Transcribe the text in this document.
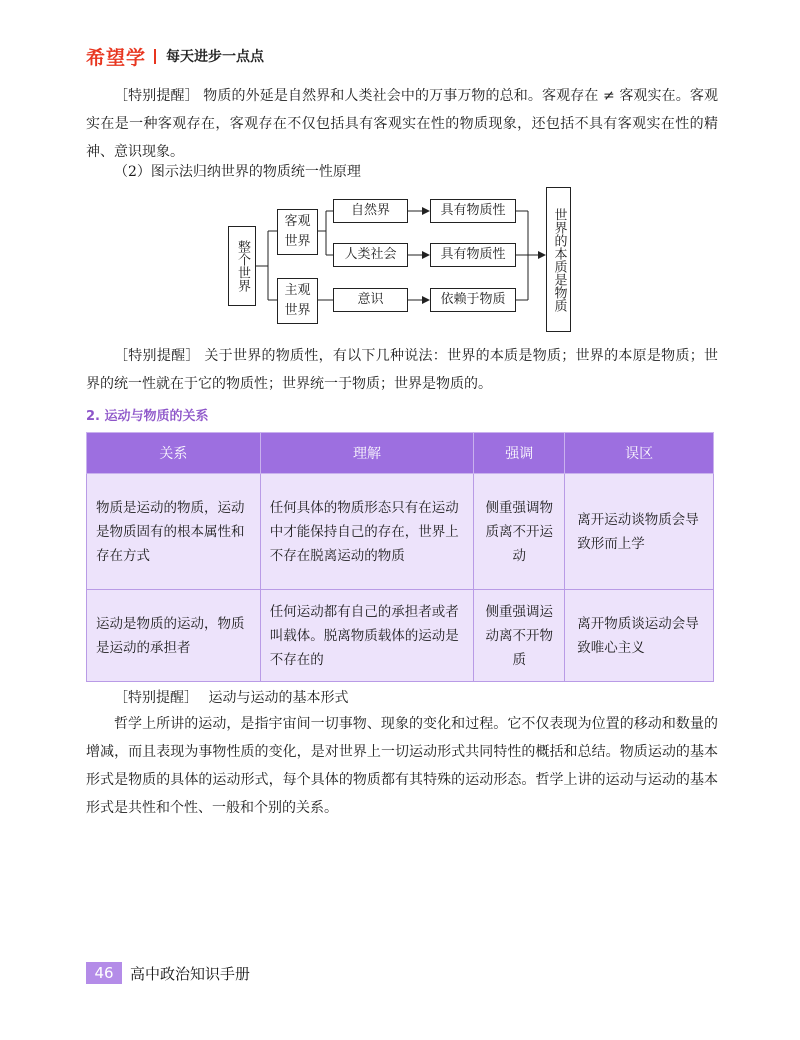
希望学 每天进步一点点

［特别提醒］ 物质的外延是自然界和人类社会中的万事万物的总和。客观存在 ≠ 客观实在。客观实在是一种客观存在，客观存在不仅包括具有客观实在性的物质现象，还包括不具有客观实在性的精神、意识现象。

（2）图示法归纳世界的物质统一性原理
整个世界
客观世界
主观世界
自然界
人类社会
意识
具有物质性
具有物质性
依赖于物质	世界的本质是物质

［特别提醒］ 关于世界的物质性，有以下几种说法：世界的本质是物质；世界的本原是物质；世界的统一性就在于它的物质性；世界统一于物质；世界是物质的。

2. 运动与物质的关系
关系	理解	强调	误区
物质是运动的物质，运动是物质固有的根本属性和存在方式	任何具体的物质形态只有在运动中才能保持自己的存在，世界上不存在脱离运动的物质	侧重强调物质离不开运动	离开运动谈物质会导致形而上学
运动是物质的运动，物质是运动的承担者	任何运动都有自己的承担者或者叫载体。脱离物质载体的运动是不存在的	侧重强调运动离不开物质	离开物质谈运动会导致唯心主义

［特别提醒］ 运动与运动的基本形式

哲学上所讲的运动，是指宇宙间一切事物、现象的变化和过程。它不仅表现为位置的移动和数量的增减，而且表现为事物性质的变化，是对世界上一切运动形式共同特性的概括和总结。物质运动的基本形式是物质的具体的运动形式，每个具体的物质都有其特殊的运动形态。哲学上讲的运动与运动的基本形式是共性和个性、一般和个别的关系。

46	高中政治知识手册
